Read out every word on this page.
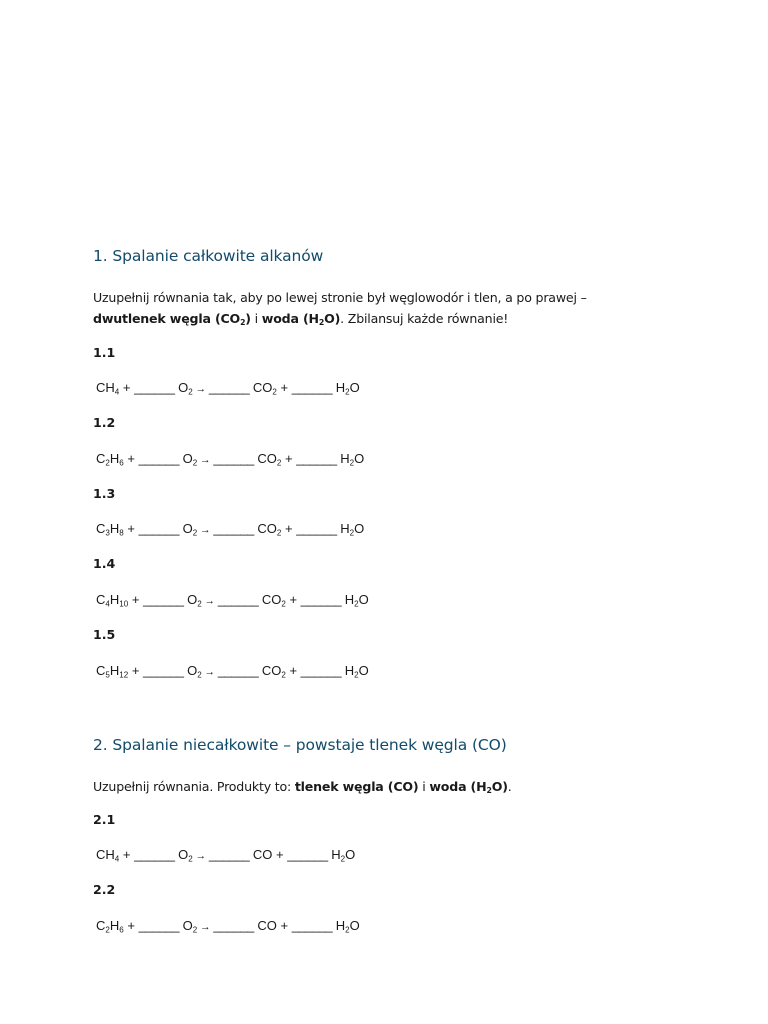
1. Spalanie całkowite alkanów

Uzupełnij równania tak, aby po lewej stronie był węglowodór i tlen, a po prawej –
dwutlenek węgla $(CO_2)$ i woda $(H_2O)$. Zbilansuj każde równanie!

1.1

$CH_4$ + ______ $O_2$ → ______ $CO_2$ + ______ $H_2O$

1.2

$C_2H_6$ + ______ $O_2$ → ______ $CO_2$ + ______ $H_2O$

1.3

$C_3H_8$ + ______ $O_2$ → ______ $CO_2$ + ______ $H_2O$

1.4

$C_4H_{10}$ + ______ $O_2$ → ______ $CO_2$ + ______ $H_2O$

1.5

$C_5H_{12}$ + ______ $O_2$ → ______ $CO_2$ + ______ $H_2O$

2. Spalanie niecałkowite – powstaje tlenek węgla (CO)

Uzupełnij równania. Produkty to: tlenek węgla (CO) i woda $(H_2O)$.

2.1

$CH_4$ + ______ $O_2$ → ______ CO + ______ $H_2O$

2.2

$C_2H_6$ + ______ $O_2$ → ______ CO + ______ $H_2O$
